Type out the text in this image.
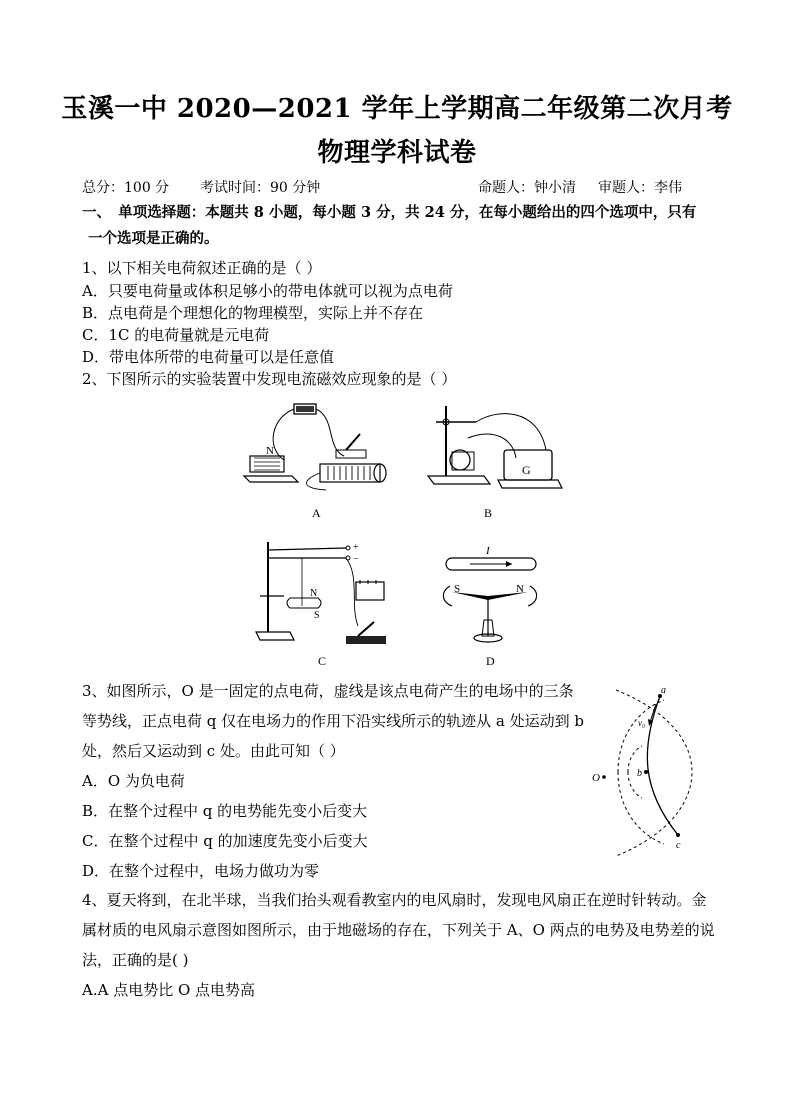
玉溪一中 2020—2021 学年上学期高二年级第二次月考
物理学科试卷
总分：100 分 考试时间：90 分钟	命题人：钟小清 审题人：李伟
一、　单项选择题：本题共 8 小题，每小题 3 分，共 24 分，在每小题给出的四个选项中，只有
一个选项是正确的。
1、以下相关电荷叙述正确的是（ ）
A．只要电荷量或体积足够小的带电体就可以视为点电荷
B．点电荷是个理想化的物理模型，实际上并不存在
C．1C 的电荷量就是元电荷
D．带电体所带的电荷量可以是任意值
2、下图所示的实验装置中发现电流磁效应现象的是（ ）
N
A
G
B
+
−
N
S
C
I
S	N
D
3、如图所示，O 是一固定的点电荷，虚线是该点电荷产生的电场中的三条
等势线，正点电荷 q 仅在电场力的作用下沿实线所示的轨迹从 a 处运动到 b
处，然后又运动到 c 处。由此可知（ ）
A．O 为负电荷
B．在整个过程中 q 的电势能先变小后变大
C．在整个过程中 q 的加速度先变小后变大
D．在整个过程中，电场力做功为零
O
a
b
c
v₀
4、夏天将到，在北半球，当我们抬头观看教室内的电风扇时，发现电风扇正在逆时针转动。金
属材质的电风扇示意图如图所示，由于地磁场的存在，下列关于 A、O 两点的电势及电势差的说
法，正确的是( )
A.A 点电势比 O 点电势高
